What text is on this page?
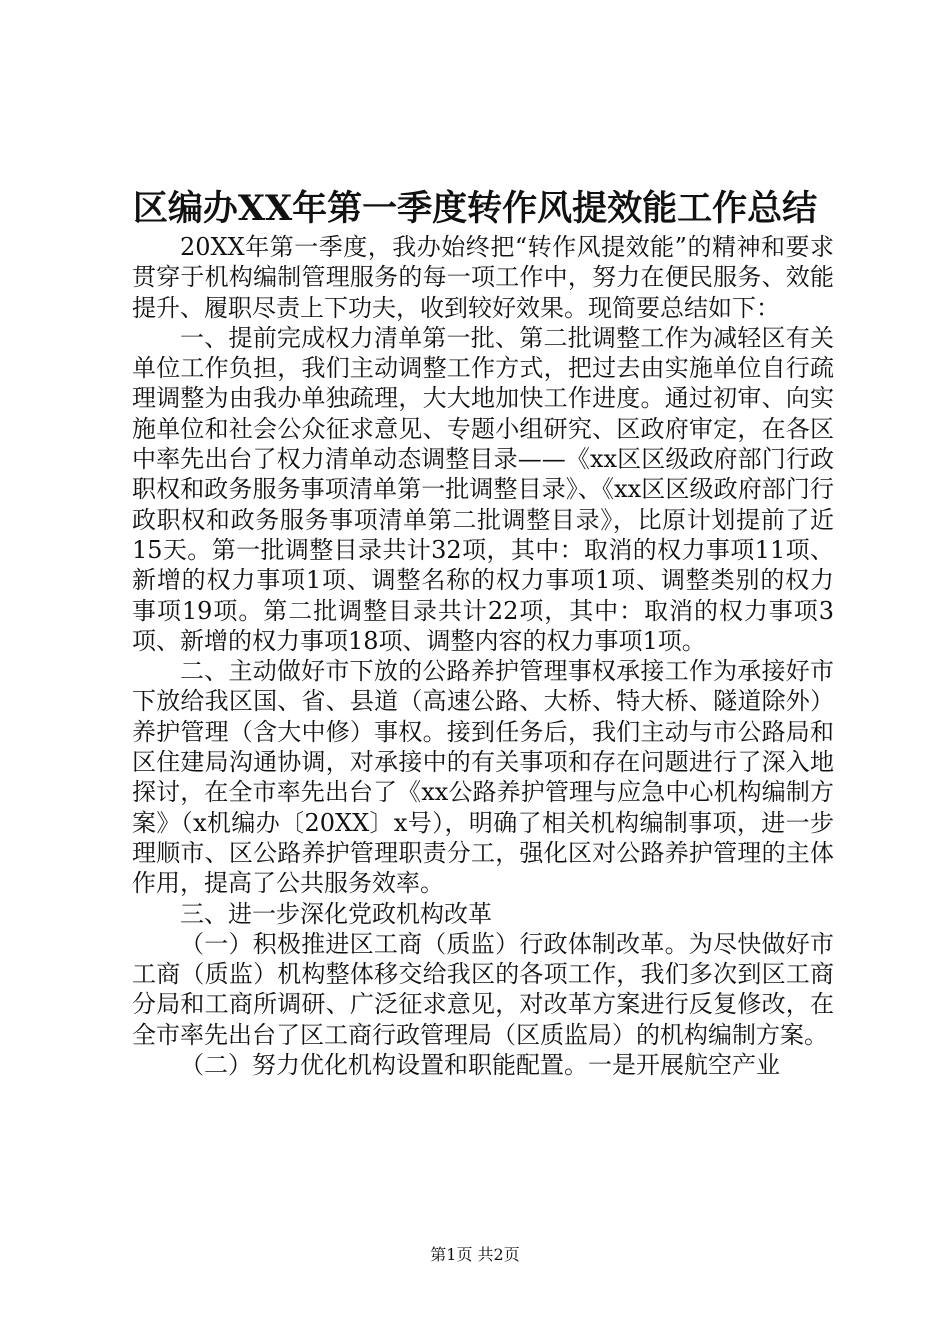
区编办XX年第一季度转作风提效能工作总结

20XX年第一季度，我办始终把“转作风提效能”的精神和要求贯穿于机构编制管理服务的每一项工作中，努力在便民服务、效能提升、履职尽责上下功夫，收到较好效果。现简要总结如下：

一、提前完成权力清单第一批、第二批调整工作为减轻区有关单位工作负担，我们主动调整工作方式，把过去由实施单位自行疏理调整为由我办单独疏理，大大地加快工作进度。通过初审、向实施单位和社会公众征求意见、专题小组研究、区政府审定，在各区中率先出台了权力清单动态调整目录——《xx区区级政府部门行政职权和政务服务事项清单第一批调整目录》、《xx区区级政府部门行政职权和政务服务事项清单第二批调整目录》，比原计划提前了近15天。第一批调整目录共计32项，其中：取消的权力事项11项、新增的权力事项1项、调整名称的权力事项1项、调整类别的权力事项19项。第二批调整目录共计22项，其中：取消的权力事项3项、新增的权力事项18项、调整内容的权力事项1项。

二、主动做好市下放的公路养护管理事权承接工作为承接好市下放给我区国、省、县道（高速公路、大桥、特大桥、隧道除外）养护管理（含大中修）事权。接到任务后，我们主动与市公路局和区住建局沟通协调，对承接中的有关事项和存在问题进行了深入地探讨，在全市率先出台了《xx公路养护管理与应急中心机构编制方案》（x机编办〔20XX〕x号），明确了相关机构编制事项，进一步理顺市、区公路养护管理职责分工，强化区对公路养护管理的主体作用，提高了公共服务效率。

三、进一步深化党政机构改革

（一）积极推进区工商（质监）行政体制改革。为尽快做好市工商（质监）机构整体移交给我区的各项工作，我们多次到区工商分局和工商所调研、广泛征求意见，对改革方案进行反复修改，在全市率先出台了区工商行政管理局（区质监局）的机构编制方案。

（二）努力优化机构设置和职能配置。一是开展航空产业

第1页 共2页
